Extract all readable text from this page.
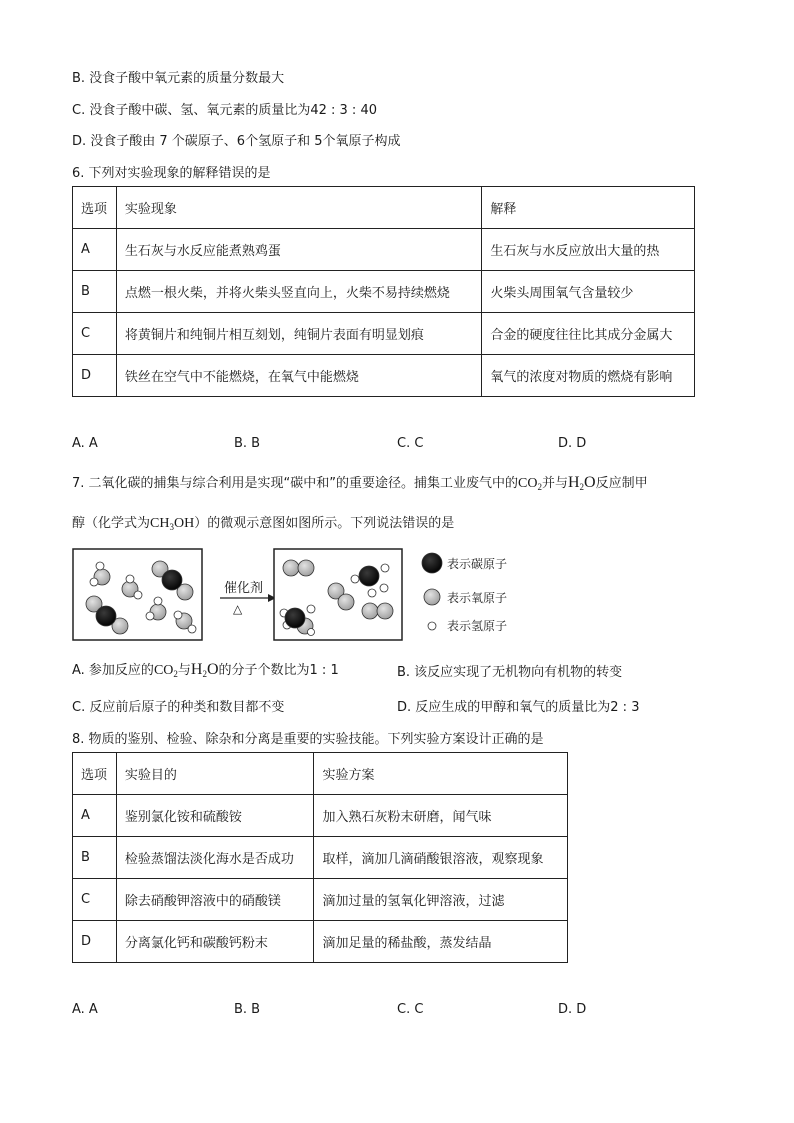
B. 没食子酸中氧元素的质量分数最大
C. 没食子酸中碳、氢、氧元素的质量比为42 : 3 : 40
D. 没食子酸由 7 个碳原子、6个氢原子和 5个氧原子构成
6. 下列对实验现象的解释错误的是
选项	实验现象	解释
A	生石灰与水反应能煮熟鸡蛋	生石灰与水反应放出大量的热
B	点燃一根火柴，并将火柴头竖直向上，火柴不易持续燃烧	火柴头周围氧气含量较少
C	将黄铜片和纯铜片相互刻划，纯铜片表面有明显划痕	合金的硬度往往比其成分金属大
D	铁丝在空气中不能燃烧，在氧气中能燃烧	氧气的浓度对物质的燃烧有影响
A. A	B. B	C. C	D. D
7. 二氧化碳的捕集与综合利用是实现“碳中和”的重要途径。捕集工业废气中的$CO_2$并与$H_2O$反应制甲
醇（化学式为$CH_3OH$）的微观示意图如图所示。下列说法错误的是
催化剂
△
表示碳原子
表示氧原子
表示氢原子
A. 参加反应的$CO_2$与$H_2O$的分子个数比为1 : 1	B. 该反应实现了无机物向有机物的转变
C. 反应前后原子的种类和数目都不变	D. 反应生成的甲醇和氧气的质量比为2 : 3
8. 物质的鉴别、检验、除杂和分离是重要的实验技能。下列实验方案设计正确的是
选项	实验目的	实验方案
A	鉴别氯化铵和硫酸铵	加入熟石灰粉末研磨，闻气味
B	检验蒸馏法淡化海水是否成功	取样，滴加几滴硝酸银溶液，观察现象
C	除去硝酸钾溶液中的硝酸镁	滴加过量的氢氧化钾溶液，过滤
D	分离氯化钙和碳酸钙粉末	滴加足量的稀盐酸，蒸发结晶
A. A	B. B	C. C	D. D
